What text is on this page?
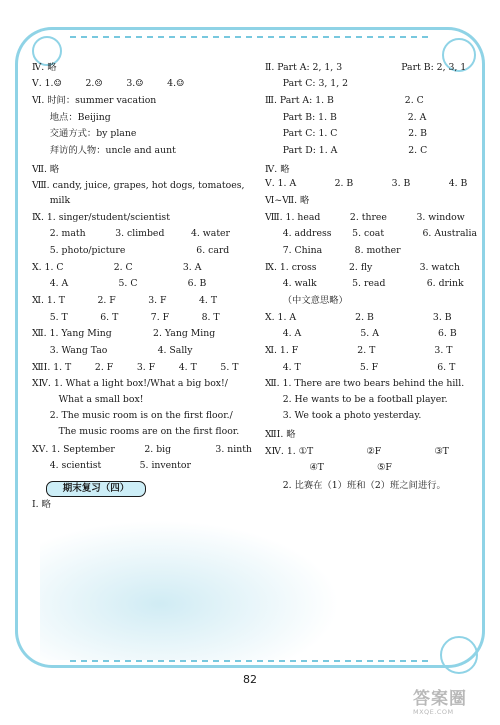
Ⅳ. 略
Ⅴ. 1.☺        2.☹        3.☺        4.☺
Ⅵ. 时间：summer vacation
地点：Beijing
交通方式：by plane
拜访的人物：uncle and aunt
Ⅶ. 略
Ⅷ. candy, juice, grapes, hot dogs, tomatoes,
milk
Ⅸ. 1. singer/student/scientist
2. math          3. climbed         4. water
5. photo/picture                        6. card
Ⅹ. 1. C                 2. C                 3. A
4. A                 5. C                 6. B
Ⅺ. 1. T           2. F           3. F           4. T
5. T           6. T           7. F           8. T
Ⅻ. 1. Yang Ming              2. Yang Ming
3. Wang Tao                 4. Sally
ⅫⅠ. 1. T        2. F        3. F        4. T        5. T
ⅩⅣ. 1. What a light box!/What a big box!/
What a small box!
2. The music room is on the first floor./
The music rooms are on the first floor.
ⅩⅤ. 1. September          2. big               3. ninth
4. scientist             5. inventor
Ⅱ. Part A: 2, 1, 3                    Part B: 2, 3, 1
Part C: 3, 1, 2
Ⅲ. Part A: 1. B                        2. C
Part B: 1. B                        2. A
Part C: 1. C                        2. B
Part D: 1. A                        2. C
Ⅳ. 略
Ⅴ. 1. A             2. B             3. B             4. B
Ⅵ~Ⅶ. 略
Ⅷ. 1. head          2. three          3. window
4. address       5. coat             6. Australia
7. China           8. mother
Ⅸ. 1. cross           2. fly                3. watch
4. walk            5. read              6. drink
（中文意思略）
Ⅹ. 1. A                    2. B                    3. B
4. A                    5. A                    6. B
Ⅺ. 1. F                    2. T                    3. T
4. T                    5. F                    6. T
Ⅻ. 1. There are two bears behind the hill.
2. He wants to be a football player.
3. We took a photo yesterday.
ⅫⅠ. 略
ⅩⅣ. 1. ①T                  ②F                  ③T
④T                  ⑤F
2. 比赛在（1）班和（2）班之间进行。
期末复习（四）
Ⅰ. 略
82
答案圈
MXQE.COM
